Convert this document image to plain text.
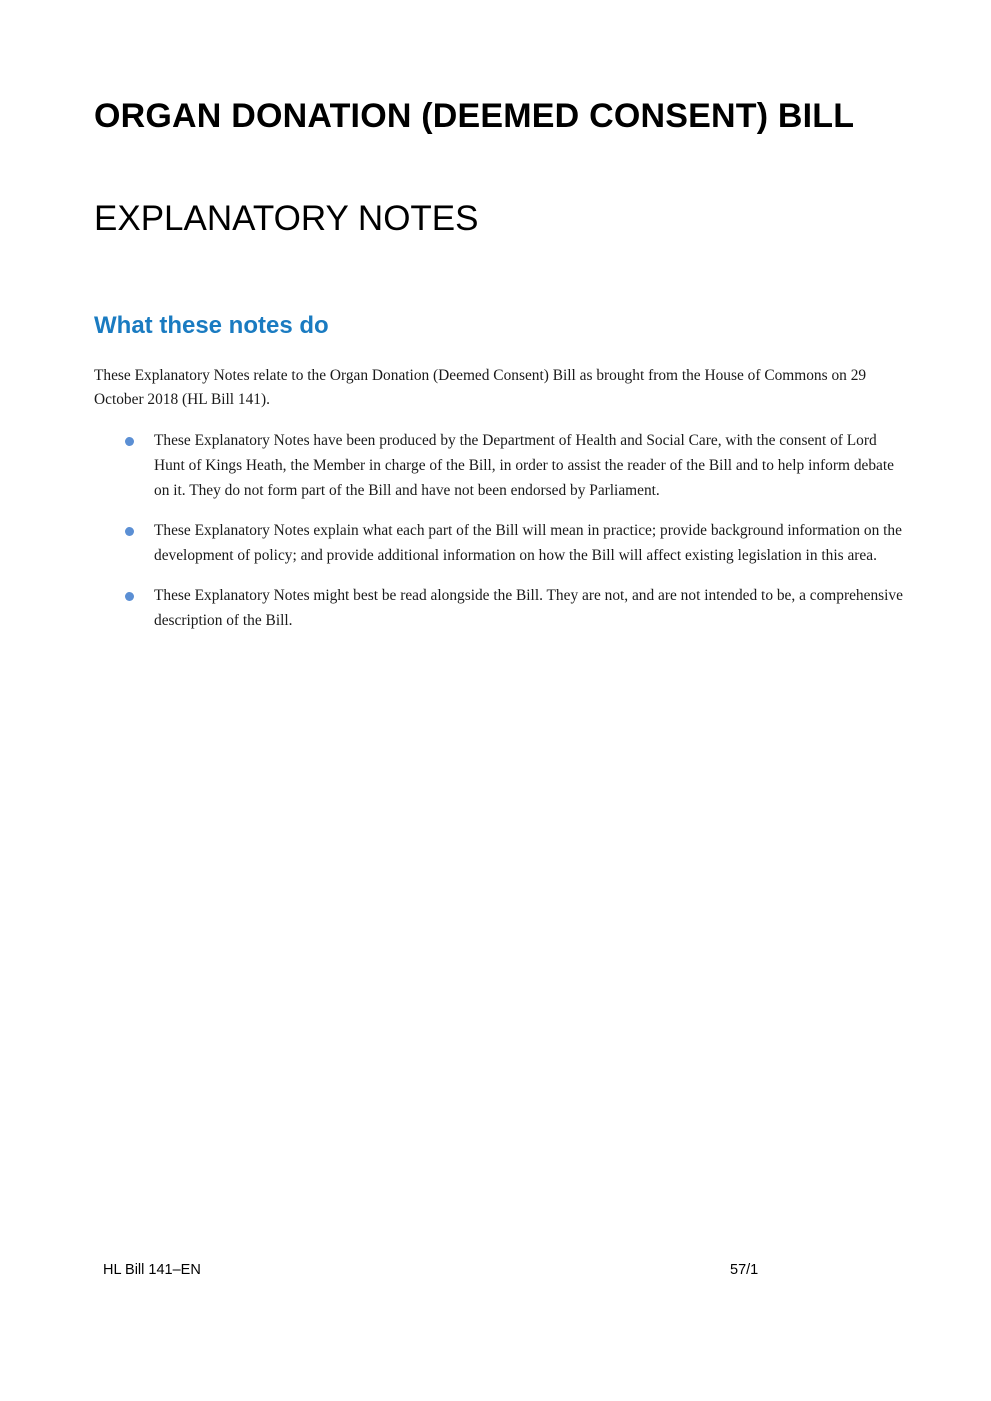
ORGAN DONATION (DEEMED CONSENT) BILL
EXPLANATORY NOTES
What these notes do

These Explanatory Notes relate to the Organ Donation (Deemed Consent) Bill as brought from the House of Commons on 29 October 2018 (HL Bill 141).

These Explanatory Notes have been produced by the Department of Health and Social Care, with the consent of Lord Hunt of Kings Heath, the Member in charge of the Bill, in order to assist the reader of the Bill and to help inform debate on it. They do not form part of the Bill and have not been endorsed by Parliament.
These Explanatory Notes explain what each part of the Bill will mean in practice; provide background information on the development of policy; and provide additional information on how the Bill will affect existing legislation in this area.
These Explanatory Notes might best be read alongside the Bill. They are not, and are not intended to be, a comprehensive description of the Bill.
HL Bill 141–EN	57/1
